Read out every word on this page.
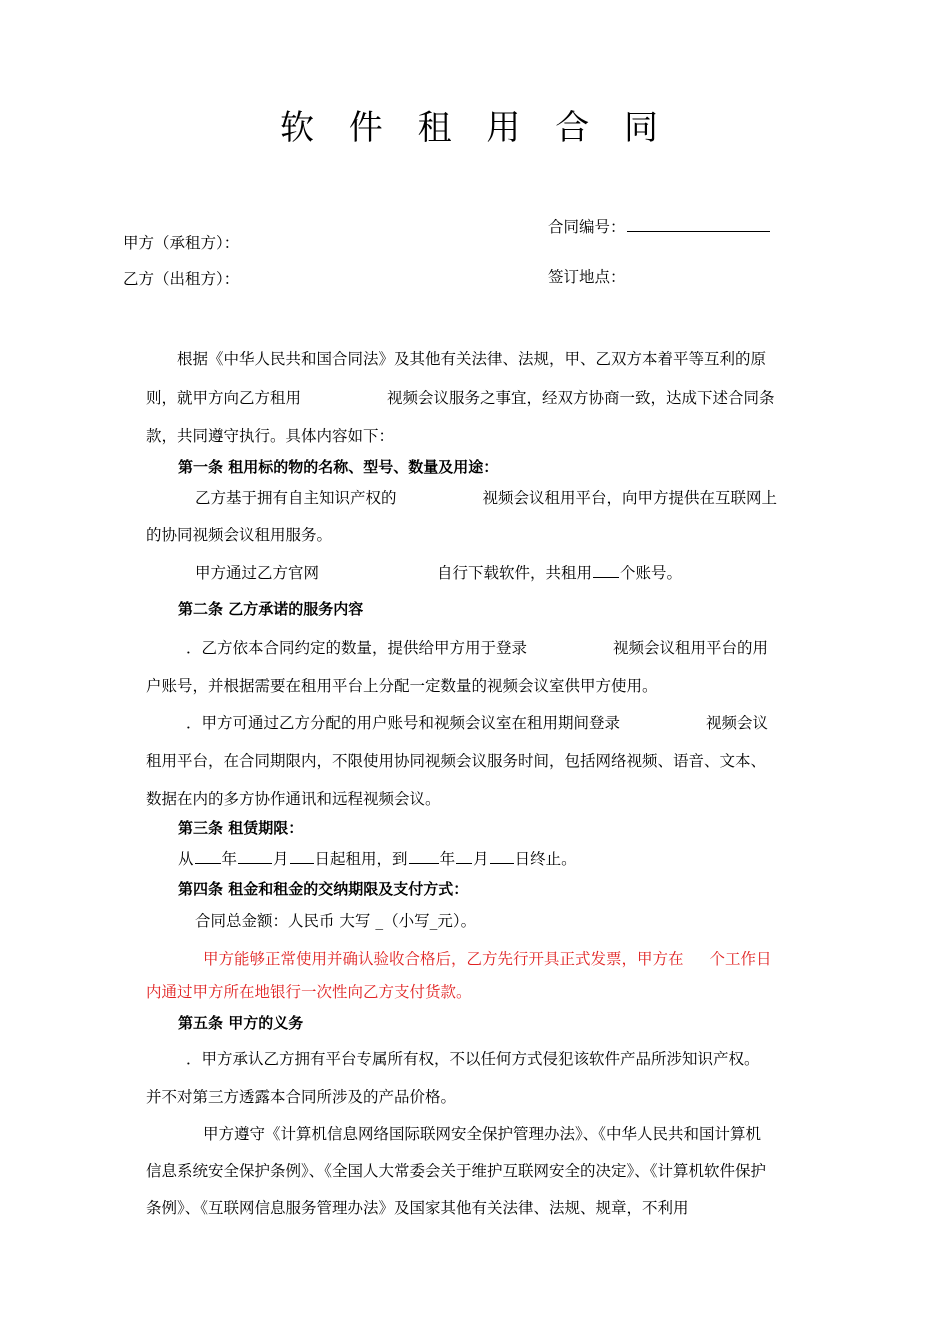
软 件 租 用 合 同
合同编号：
甲方（承租方）：
乙方（出租方）：	签订地点：
根据《中华人民共和国合同法》及其他有关法律、法规，甲、乙双方本着平等互利的原
则，就甲方向乙方租用	视频会议服务之事宜，经双方协商一致，达成下述合同条
款，共同遵守执行。具体内容如下：
第一条 租用标的物的名称、型号、数量及用途：
乙方基于拥有自主知识产权的	视频会议租用平台，向甲方提供在互联网上
的协同视频会议租用服务。
甲方通过乙方官网	自行下载软件，共租用 个账号。
第二条 乙方承诺的服务内容
．乙方依本合同约定的数量，提供给甲方用于登录	视频会议租用平台的用
户账号，并根据需要在租用平台上分配一定数量的视频会议室供甲方使用。
．甲方可通过乙方分配的用户账号和视频会议室在租用期间登录	视频会议
租用平台，在合同期限内，不限使用协同视频会议服务时间，包括网络视频、语音、文本、
数据在内的多方协作通讯和远程视频会议。
第三条 租赁期限：
从 年 月 日起租用，到 年 月 日终止。
第四条 租金和租金的交纳期限及支付方式：
合同总金额：人民币 大写 _（小写_元）。
甲方能够正常使用并确认验收合格后，乙方先行开具正式发票，甲方在 个工作日
内通过甲方所在地银行一次性向乙方支付货款。
第五条 甲方的义务
．甲方承认乙方拥有平台专属所有权，不以任何方式侵犯该软件产品所涉知识产权。
并不对第三方透露本合同所涉及的产品价格。
甲方遵守《计算机信息网络国际联网安全保护管理办法》、《中华人民共和国计算机
信息系统安全保护条例》、《全国人大常委会关于维护互联网安全的决定》、《计算机软件保护
条例》、《互联网信息服务管理办法》及国家其他有关法律、法规、规章，不利用
